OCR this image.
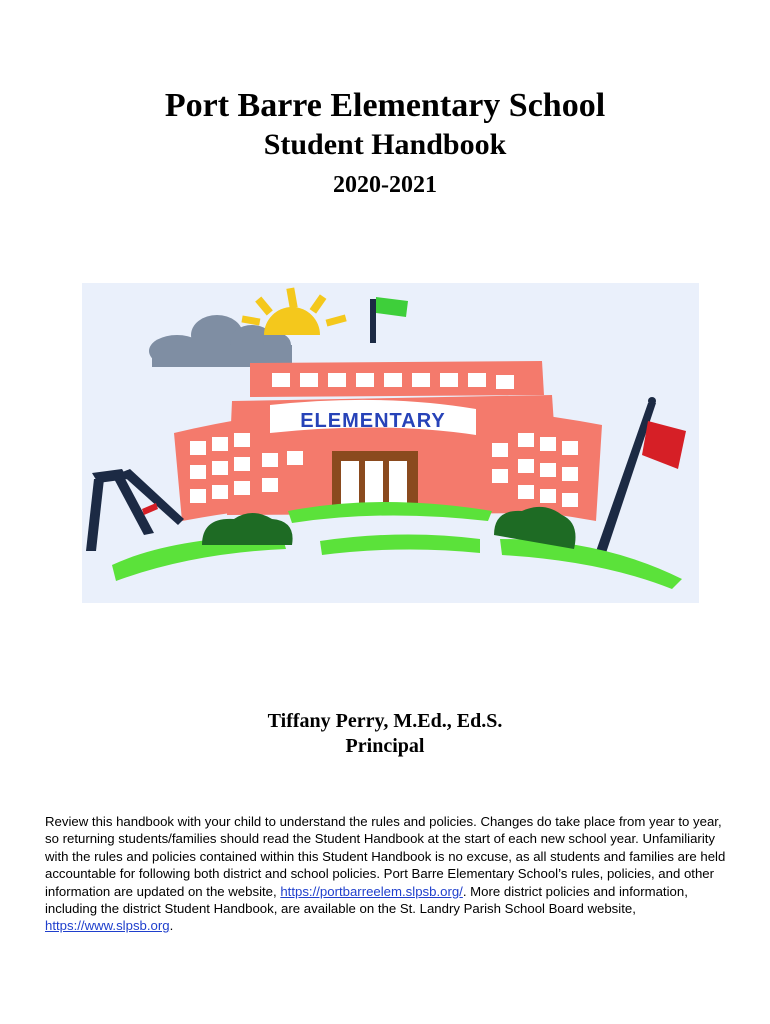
Port Barre Elementary School
Student Handbook
2020-2021
ELEMENTARY
Tiffany Perry, M.Ed., Ed.S.
Principal

Review this handbook with your child to understand the rules and policies. Changes do take place from year to year, so returning students/families should read the Student Handbook at the start of each new school year. Unfamiliarity with the rules and policies contained within this Student Handbook is no excuse, as all students and families are held accountable for following both district and school policies. Port Barre Elementary School’s rules, policies, and other information are updated on the website, https://portbarreelem.slpsb.org/. More district policies and information, including the district Student Handbook, are available on the St. Landry Parish School Board website, https://www.slpsb.org.
